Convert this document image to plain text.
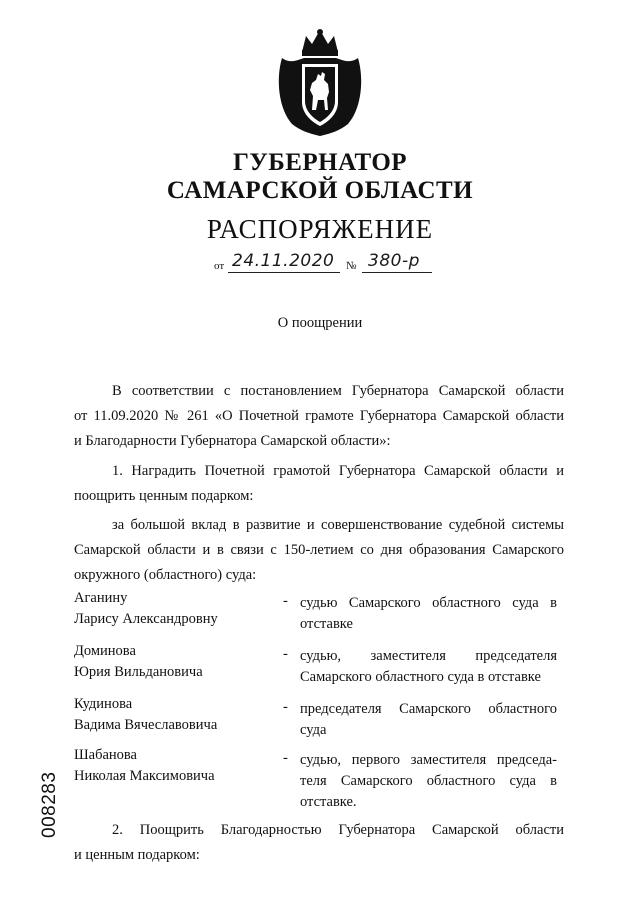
ГУБЕРНАТОР
САМАРСКОЙ ОБЛАСТИ
РАСПОРЯЖЕНИЕ
от 24.11.2020 № 380-р
О поощрении
В соответствии с постановлением Губернатора Самарской области
от 11.09.2020 № 261 «О Почетной грамоте Губернатора Самарской области
и Благодарности Губернатора Самарской области»:
1. Наградить Почетной грамотой Губернатора Самарской области и
поощрить ценным подарком:
за большой вклад в развитие и совершенствование судебной системы
Самарской области и в связи с 150-летием со дня образования Самарского
окружного (областного) суда:
Аганину
Ларису Александровну
- судью Самарского областного суда в
отставке
Доминова
Юрия Вильдановича
- судью, заместителя председателя
Самарского областного суда в отставке
Кудинова
Вадима Вячеславовича
- председателя Самарского областного
суда
Шабанова
Николая Максимовича
- судью, первого заместителя председа-
теля Самарского областного суда в
отставке.
2. Поощрить Благодарностью Губернатора Самарской области
и ценным подарком:
008283
